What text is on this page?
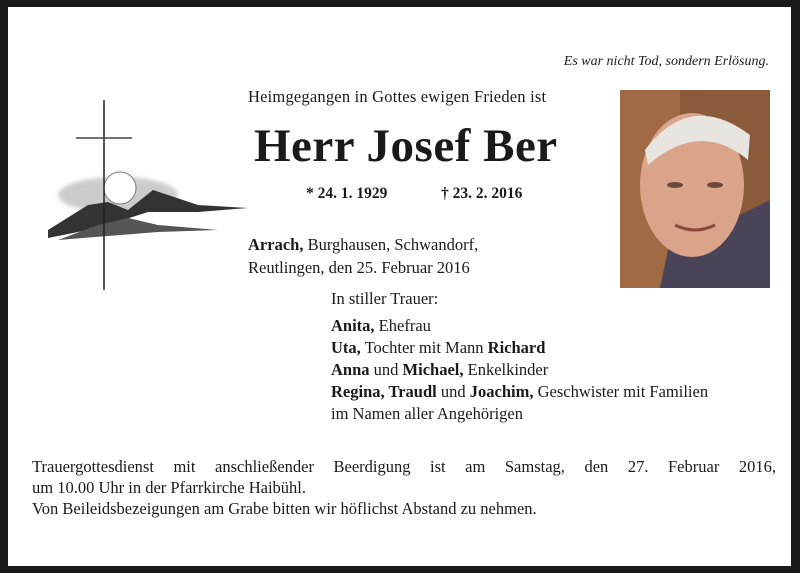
Es war nicht Tod, sondern Erlösung.
Heimgegangen in Gottes ewigen Frieden ist
Herr Josef Ber
* 24. 1. 1929	† 23. 2. 2016
Arrach, Burghausen, Schwandorf,
Reutlingen, den 25. Februar 2016
In stiller Trauer:
Anita, Ehefrau
Uta, Tochter mit Mann Richard
Anna und Michael, Enkelkinder
Regina, Traudl und Joachim, Geschwister mit Familien
im Namen aller Angehörigen
Trauergottesdienst mit anschließender Beerdigung ist am Samstag, den 27. Februar 2016,
um 10.00 Uhr in der Pfarrkirche Haibühl.
Von Beileidsbezeigungen am Grabe bitten wir höflichst Abstand zu nehmen.
